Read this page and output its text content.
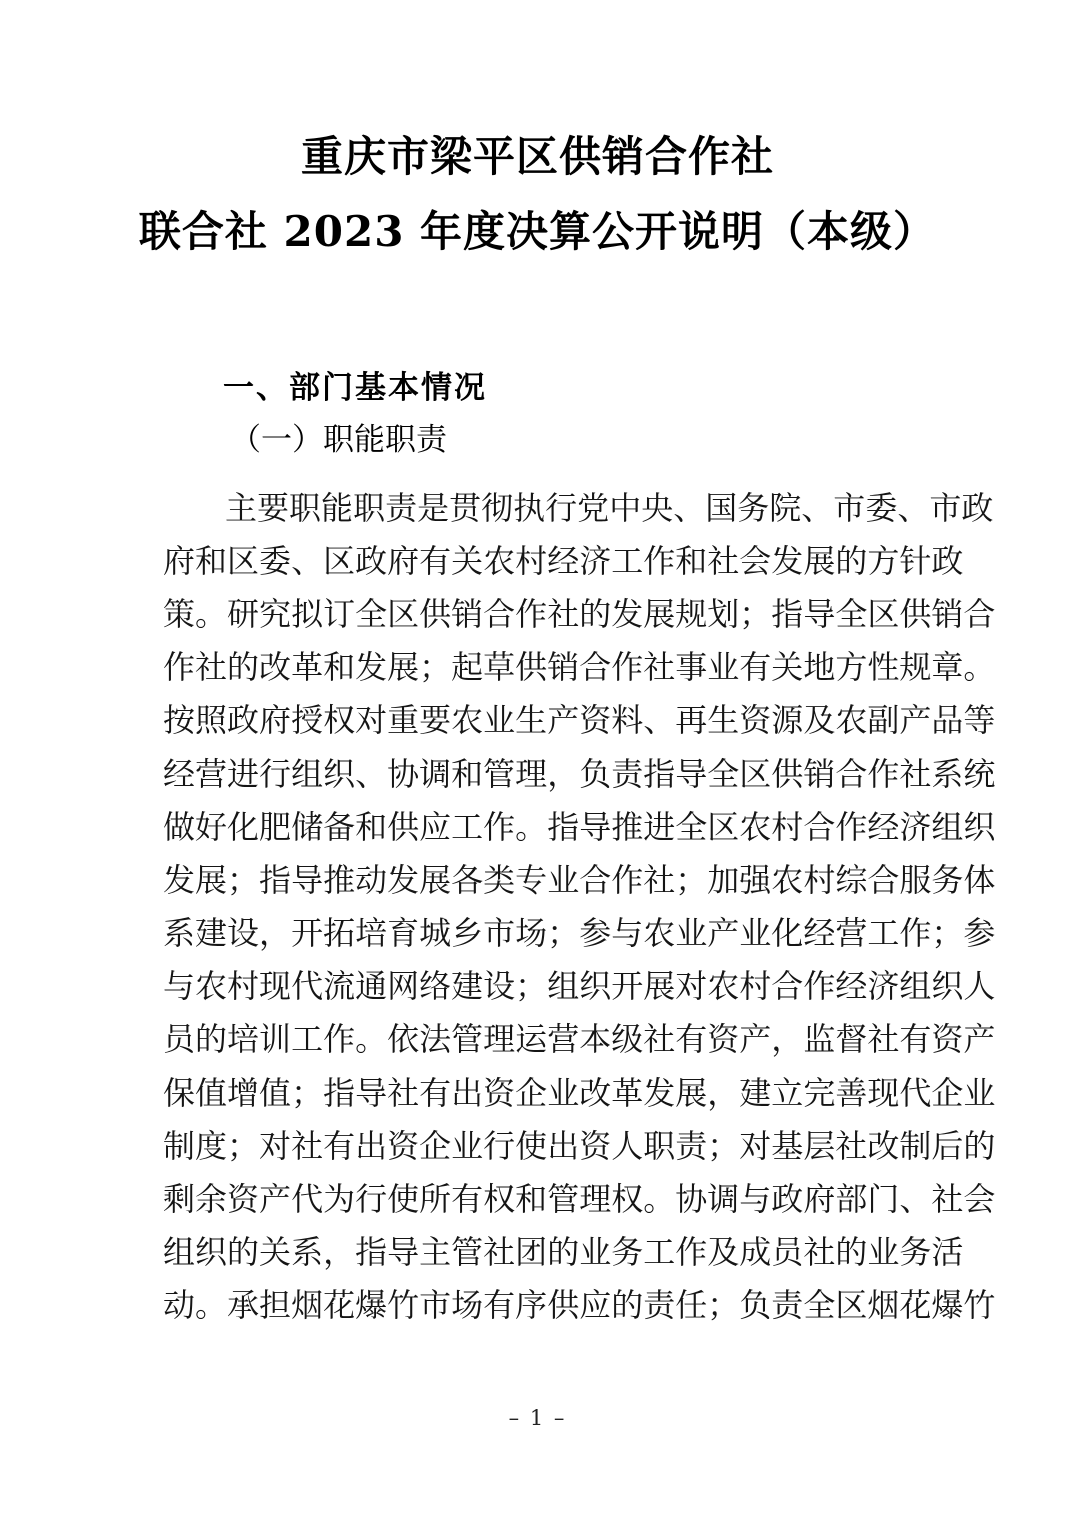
重庆市梁平区供销合作社
联合社 2023 年度决算公开说明（本级）
一、部门基本情况
（一）职能职责
主 要 职 能 职 责 是 贯 彻 执 行 党 中 央 、 国 务 院 、 市 委 、 市 政
府 和 区 委 、 区 政 府 有 关 农 村 经 济 工 作 和 社 会 发 展 的 方 针 政
策 。 研 究 拟 订 全 区 供 销 合 作 社 的 发 展 规 划 ； 指 导 全 区 供 销 合
作 社 的 改 革 和 发 展 ； 起 草 供 销 合 作 社 事 业 有 关 地 方 性 规 章 。
按 照 政 府 授 权 对 重 要 农 业 生 产 资 料 、 再 生 资 源 及 农 副 产 品 等
经 营 进 行 组 织 、 协 调 和 管 理 ， 负 责 指 导 全 区 供 销 合 作 社 系 统
做 好 化 肥 储 备 和 供 应 工 作 。 指 导 推 进 全 区 农 村 合 作 经 济 组 织
发 展 ； 指 导 推 动 发 展 各 类 专 业 合 作 社 ； 加 强 农 村 综 合 服 务 体
系 建 设 ， 开 拓 培 育 城 乡 市 场 ； 参 与 农 业 产 业 化 经 营 工 作 ； 参
与 农 村 现 代 流 通 网 络 建 设 ； 组 织 开 展 对 农 村 合 作 经 济 组 织 人
员 的 培 训 工 作 。 依 法 管 理 运 营 本 级 社 有 资 产 ， 监 督 社 有 资 产
保 值 增 值 ； 指 导 社 有 出 资 企 业 改 革 发 展 ， 建 立 完 善 现 代 企 业
制 度 ； 对 社 有 出 资 企 业 行 使 出 资 人 职 责 ； 对 基 层 社 改 制 后 的
剩 余 资 产 代 为 行 使 所 有 权 和 管 理 权 。 协 调 与 政 府 部 门 、 社 会
组 织 的 关 系 ， 指 导 主 管 社 团 的 业 务 工 作 及 成 员 社 的 业 务 活
动 。 承 担 烟 花 爆 竹 市 场 有 序 供 应 的 责 任 ； 负 责 全 区 烟 花 爆 竹
– 1 –
